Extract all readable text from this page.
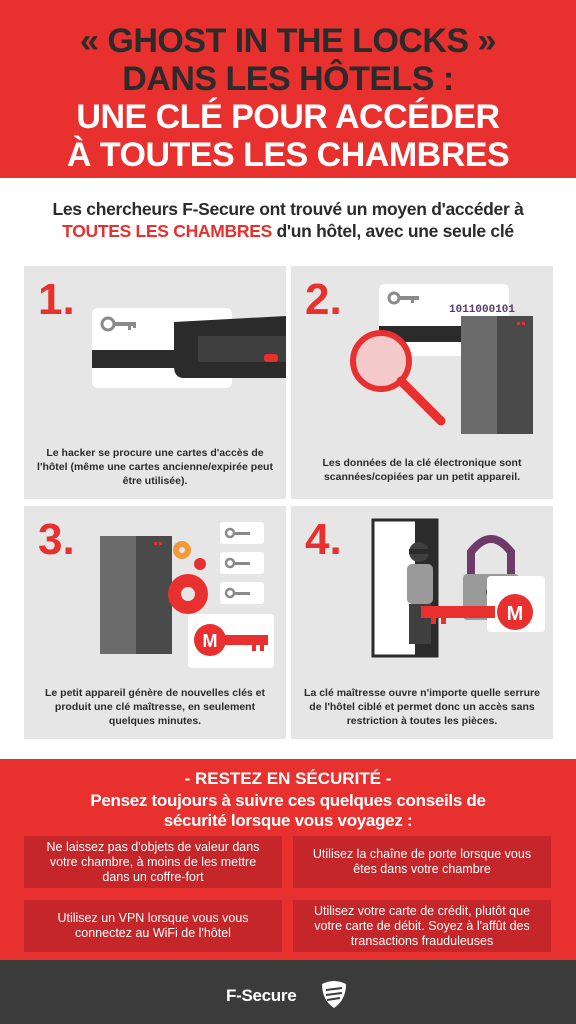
« GHOST IN THE LOCKS »
DANS LES HÔTELS :
UNE CLÉ POUR ACCÉDER
À TOUTES LES CHAMBRES
Les chercheurs F-Secure ont trouvé un moyen d'accéder à
TOUTES LES CHAMBRES d'un hôtel, avec une seule clé
1.
Le hacker se procure une cartes d'accès de l'hôtel (même une cartes ancienne/expirée peut être utilisée).
1011000101
2.
Les données de la clé électronique sont scannées/copiées par un petit appareil.
M
3.
Le petit appareil génère de nouvelles clés et produit une clé maîtresse, en seulement quelques minutes.
M
4.
La clé maîtresse ouvre n'importe quelle serrure de l'hôtel ciblé et permet donc un accès sans restriction à toutes les pièces.
- RESTEZ EN SÉCURITÉ -
Pensez toujours à suivre ces quelques conseils de
sécurité lorsque vous voyagez :
Ne laissez pas d'objets de valeur dans votre chambre, à moins de les mettre dans un coffre-fort
Utilisez la chaîne de porte lorsque vous êtes dans votre chambre
Utilisez un VPN lorsque vous vous connectez au WiFi de l'hôtel
Utilisez votre carte de crédit, plutôt que votre carte de débit. Soyez à l'affût des transactions frauduleuses
F-Secure
